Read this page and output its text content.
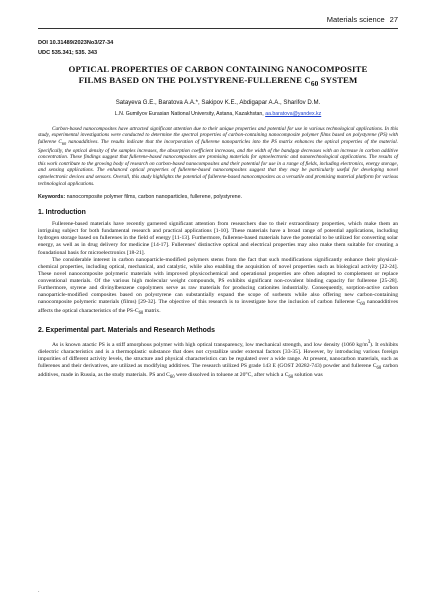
Materials science 27
DOI 10.31489/2023No3/27-34
UDC 535.341; 535. 343
OPTICAL PROPERTIES OF CARBON CONTAINING NANOCOMPOSITE
FILMS BASED ON THE POLYSTYRENE-FULLERENE $C_{60}$ SYSTEM
Satayeva G.E., Baratova A.A.*, Sakipov K.E., Abdigapar A.A., Sharifov D.M.
L.N. Gumilyov Eurasian National University, Astana, Kazakhstan, aa.baratova@yandex.kz

Carbon-based nanocomposites have attracted significant attention due to their unique properties and potential for use in various technological applications. In this study, experimental investigations were conducted to determine the spectral properties of carbon-containing nanocomposite polymer films based on polystyrene (PS) with fullerene $C_{60}$ nanoadditives. The results indicate that the incorporation of fullerene nanoparticles into the PS matrix enhances the optical properties of the material. Specifically, the optical density of the samples increases, the absorption coefficient increases, and the width of the bandgap decreases with an increase in carbon additive concentration. These findings suggest that fullerene-based nanocomposites are promising materials for optoelectronic and nanotechnological applications. The results of this work contribute to the growing body of research on carbon-based nanocomposites and their potential for use in a range of fields, including electronics, energy storage, and sensing applications. The enhanced optical properties of fullerene-based nanocomposites suggest that they may be particularly useful for developing novel optoelectronic devices and sensors. Overall, this study highlights the potential of fullerene-based nanocomposites as a versatile and promising material platform for various technological applications.

Keywords: nanocomposite polymer films, carbon nanoparticles, fullerene, polystyrene.
1. Introduction

Fullerene-based materials have recently garnered significant attention from researchers due to their extraordinary properties, which make them an intriguing subject for both fundamental research and practical applications [1-10]. These materials have a broad range of potential applications, including hydrogen storage based on fullerenes in the field of energy [11-13]. Furthermore, fullerene-based materials have the potential to be utilized for converting solar energy, as well as in drug delivery for medicine [14-17]. Fullerenes' distinctive optical and electrical properties may also make them suitable for creating a foundational basis for microelectronics [18-21].

The considerable interest in carbon nanoparticle-modified polymers stems from the fact that such modifications significantly enhance their physical-chemical properties, including optical, mechanical, and catalytic, while also enabling the acquisition of novel properties such as biological activity [22-24]. These novel nanocomposite polymeric materials with improved physicochemical and operational properties are often adopted to complement or replace conventional materials. Of the various high molecular weight compounds, PS exhibits significant non-covalent binding capacity for fullerene [25-28]. Furthermore, styrene and divinylbenzene copolymers serve as raw materials for producing cationites industrially. Consequently, sorption-active carbon nanoparticle-modified composites based on polystyrene can substantially expand the scope of sorbents while also offering new carbon-containing nanocomposite polymeric materials (films) [29-32]. The objective of this research is to investigate how the inclusion of carbon fullerene $C_{60}$ nanoadditives affects the optical characteristics of the $PS-C_{60}$ matrix.

2. Experimental part. Materials and Research Methods

As is known atactic PS is a stiff amorphous polymer with high optical transparency, low mechanical strength, and low density (1060 $kg/m^3$). It exhibits dielectric characteristics and is a thermoplastic substance that does not crystallize under external factors [33-35]. However, by introducing various foreign impurities of different activity levels, the structure and physical characteristics can be regulated over a wide range. At present, nanocarbon materials, such as fullerenes and their derivatives, are utilized as modifying additives. The research utilized PS grade 143 E (GOST 20282-743) powder and fullerene $C_{60}$ carbon additives, made in Russia, as the study materials. PS and $C_{60}$ were dissolved in toluene at 20°C, after which a $C_{60}$ solution was

.
